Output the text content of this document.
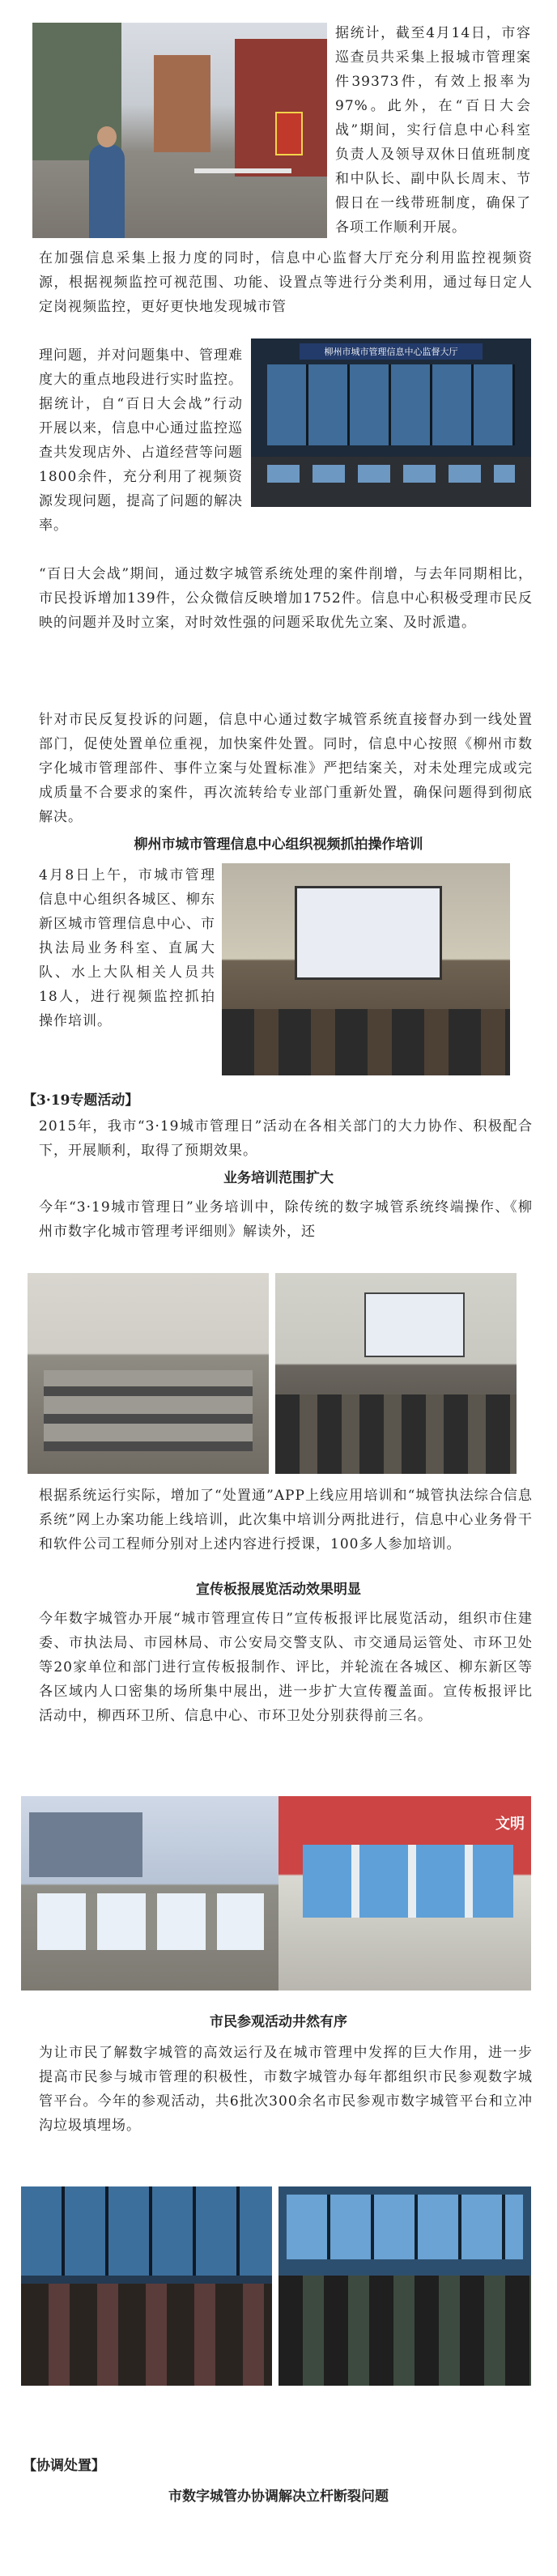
据统计，截至4月14日，市容巡查员共采集上报城市管理案件39373件，有效上报率为97%。此外，在“百日大会战”期间，实行信息中心科室负责人及领导双休日值班制度和中队长、副中队长周末、节假日在一线带班制度，确保了各项工作顺利开展。

在加强信息采集上报力度的同时，信息中心监督大厅充分利用监控视频资源，根据视频监控可视范围、功能、设置点等进行分类利用，通过每日定人定岗视频监控，更好更快地发现城市管

柳州市城市管理信息中心监督大厅

理问题，并对问题集中、管理难度大的重点地段进行实时监控。据统计，自“百日大会战”行动开展以来，信息中心通过监控巡查共发现店外、占道经营等问题1800余件，充分利用了视频资源发现问题，提高了问题的解决率。

“百日大会战”期间，通过数字城管系统处理的案件削增，与去年同期相比，市民投诉增加139件，公众微信反映增加1752件。信息中心积极受理市民反映的问题并及时立案，对时效性强的问题采取优先立案、及时派遣。

针对市民反复投诉的问题，信息中心通过数字城管系统直接督办到一线处置部门，促使处置单位重视，加快案件处置。同时，信息中心按照《柳州市数字化城市管理部件、事件立案与处置标准》严把结案关，对未处理完成或完成质量不合要求的案件，再次流转给专业部门重新处置，确保问题得到彻底解决。

柳州市城市管理信息中心组织视频抓拍操作培训

4月8日上午，市城市管理信息中心组织各城区、柳东新区城市管理信息中心、市执法局业务科室、直属大队、水上大队相关人员共18人，进行视频监控抓拍操作培训。

【3·19专题活动】

2015年，我市“3·19城市管理日”活动在各相关部门的大力协作、积极配合下，开展顺利，取得了预期效果。

业务培训范围扩大

今年“3·19城市管理日”业务培训中，除传统的数字城管系统终端操作、《柳州市数字化城市管理考评细则》解读外，还

根据系统运行实际，增加了“处置通”APP上线应用培训和“城管执法综合信息系统”网上办案功能上线培训，此次集中培训分两批进行，信息中心业务骨干和软件公司工程师分别对上述内容进行授课，100多人参加培训。

宣传板报展览活动效果明显

今年数字城管办开展“城市管理宣传日”宣传板报评比展览活动，组织市住建委、市执法局、市园林局、市公安局交警支队、市交通局运管处、市环卫处等20家单位和部门进行宣传板报制作、评比，并轮流在各城区、柳东新区等各区域内人口密集的场所集中展出，进一步扩大宣传覆盖面。宣传板报评比活动中，柳西环卫所、信息中心、市环卫处分别获得前三名。

文明

市民参观活动井然有序

为让市民了解数字城管的高效运行及在城市管理中发挥的巨大作用，进一步提高市民参与城市管理的积极性，市数字城管办每年都组织市民参观数字城管平台。今年的参观活动，共6批次300余名市民参观市数字城管平台和立冲沟垃圾填埋场。

【协调处置】

市数字城管办协调解决立杆断裂问题
